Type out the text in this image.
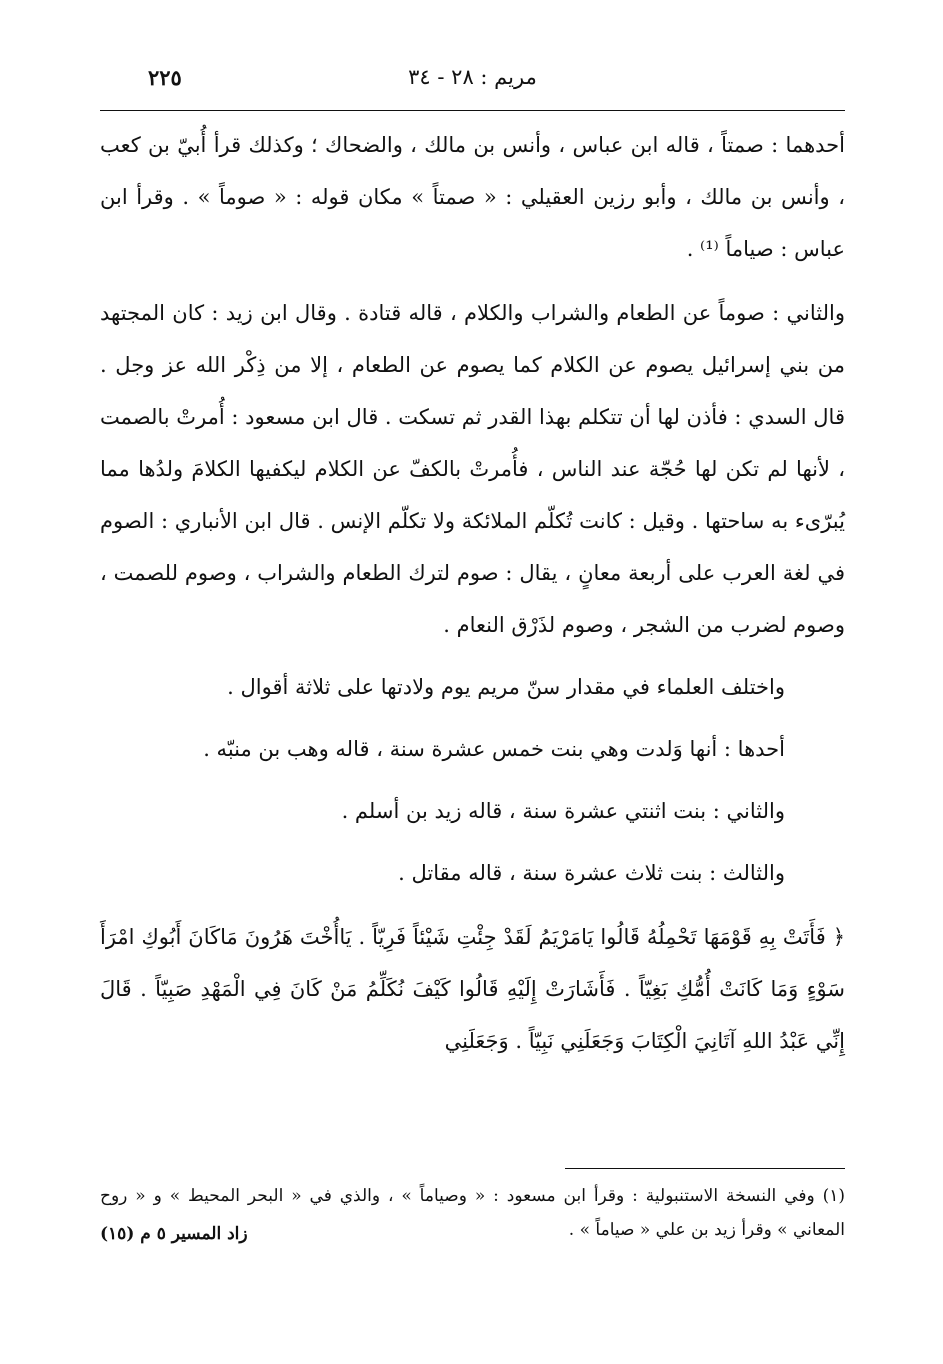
مريم : ٢٨ - ٣٤
٢٢٥

أحدهما : صمتاً ، قاله ابن عباس ، وأنس بن مالك ، والضحاك ؛ وكذلك قرأ أُبيّ بن كعب ، وأنس بن مالك ، وأبو رزين العقيلي : « صمتاً » مكان قوله : « صوماً » . وقرأ ابن عباس : صياماً ⁽¹⁾ .

والثاني : صوماً عن الطعام والشراب والكلام ، قاله قتادة . وقال ابن زيد : كان المجتهد من بني إسرائيل يصوم عن الكلام كما يصوم عن الطعام ، إلا من ذِكْر الله عز وجل . قال السدي : فأذن لها أن تتكلم بهذا القدر ثم تسكت . قال ابن مسعود : أُمرتْ بالصمت ، لأنها لم تكن لها حُجّة عند الناس ، فأُمرتْ بالكفّ عن الكلام ليكفيها الكلامَ ولدُها مما يُبرّىء به ساحتها . وقيل : كانت تُكلّم الملائكة ولا تكلّم الإنس . قال ابن الأنباري : الصوم في لغة العرب على أربعة معانٍ ، يقال : صوم لترك الطعام والشراب ، وصوم للصمت ، وصوم لضرب من الشجر ، وصوم لذَرْق النعام .

واختلف العلماء في مقدار سنّ مريم يوم ولادتها على ثلاثة أقوال .

أحدها : أنها وَلدت وهي بنت خمس عشرة سنة ، قاله وهب بن منبّه .

والثاني : بنت اثنتي عشرة سنة ، قاله زيد بن أسلم .

والثالث : بنت ثلاث عشرة سنة ، قاله مقاتل .

﴿ فَأَتَتْ بِهِ قَوْمَهَا تَحْمِلُهُ قَالُوا يَامَرْيَمُ لَقَدْ جِئْتِ شَيْئاً فَرِيّاً . يَاأُخْتَ هَرُونَ مَاكَانَ أَبُوكِ امْرَأَ سَوْءٍ وَمَا كَانَتْ أُمُّكِ بَغِيّاً . فَأَشَارَتْ إِلَيْهِ قَالُوا كَيْفَ نُكَلِّمُ مَنْ كَانَ فِي الْمَهْدِ صَبِيّاً . قَالَ إِنِّي عَبْدُ اللهِ آتَانِيَ الْكِتَابَ وَجَعَلَنِي نَبِيّاً . وَجَعَلَنِي

(١) وفي النسخة الاستنبولية : وقرأ ابن مسعود : « وصياماً » ، والذي في « البحر المحيط » و « روح المعاني » وقرأ زيد بن علي « صياماً » .

زاد المسير ٥ م (١٥)
